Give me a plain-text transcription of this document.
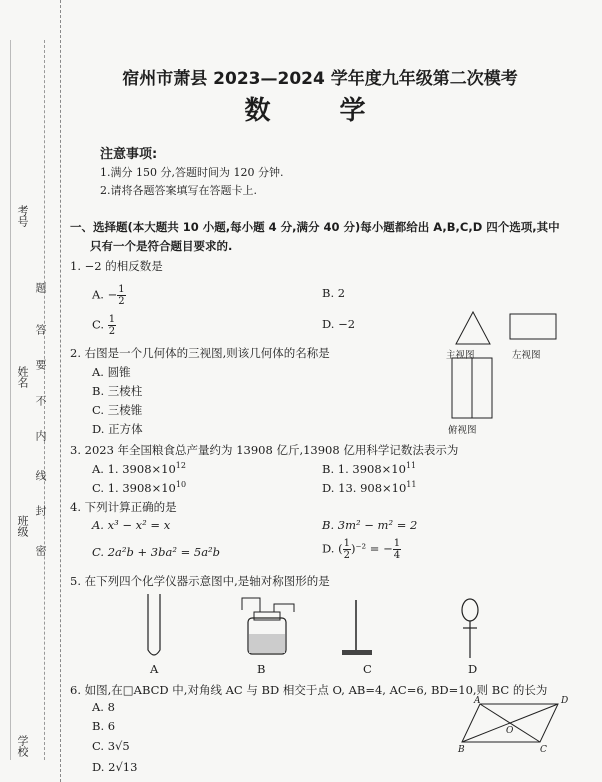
考号
姓名
班级
学校
题
答
要
不
内
线
封
密
宿州市萧县 2023—2024 学年度九年级第二次模考
数 学
注意事项:
1.满分 150 分,答题时间为 120 分钟.
2.请将各题答案填写在答题卡上.
一、选择题(本大题共 10 小题,每小题 4 分,满分 40 分)每小题都给出 A,B,C,D 四个选项,其中
只有一个是符合题目要求的.
1. −2 的相反数是
A. − $\frac{1}{2}$	B. 2
C. $\frac{1}{2}$	D. −2
主视图	左视图
俯视图
2. 右图是一个几何体的三视图,则该几何体的名称是
A. 圆锥
B. 三棱柱
C. 三棱锥
D. 正方体
3. 2023 年全国粮食总产量约为 13908 亿斤,13908 亿用科学记数法表示为
A. 1. $3908\times 10^{12}$	B. 1. $3908\times 10^{11}$
C. 1. $3908\times 10^{10}$	D. 13. $908\times 10^{11}$
4. 下列计算正确的是
A. x³ − x² = x	B. 3m² − m² = 2
C. 2a²b + 3ba² = 5a²b	D. ( $\frac{1}{2} )^{-2}$ = − $\frac{1}{4}$
5. 在下列四个化学仪器示意图中,是轴对称图形的是
A	B	C	D
6. 如图,在□ABCD 中,对角线 AC 与 BD 相交于点 O, AB=4, AC=6, BD=10,则 BC 的长为
A. 8
B. 6
C. 3√5
D. 2√13
A	D
O
B	C
